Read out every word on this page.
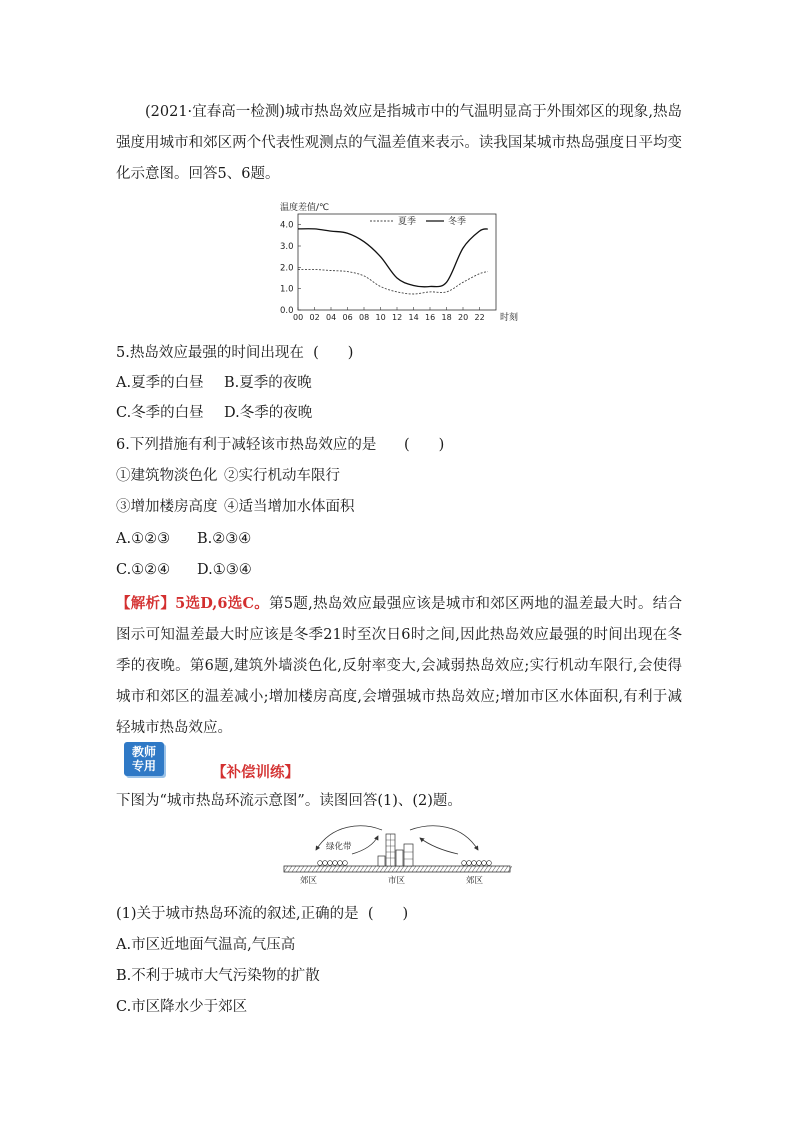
(2021·宜春高一检测)城市热岛效应是指城市中的气温明显高于外围郊区的现象,热岛强度用城市和郊区两个代表性观测点的气温差值来表示。读我国某城市热岛强度日平均变化示意图。回答5、6题。
温度差值/℃
4.0
3.0
2.0
1.0
0.0
00 02 04 06 08 10 12 14 16 18 20 22 时刻
夏季	冬季
5.热岛效应最强的时间出现在 (　　)
A.夏季的白昼 B.夏季的夜晚
C.冬季的白昼 D.冬季的夜晚
6.下列措施有利于减轻该市热岛效应的是 (　　)
①建筑物淡色化 ②实行机动车限行
③增加楼房高度 ④适当增加水体面积
A.①②③ B.②③④
C.①②④ D.①③④
【解析】5选D,6选C。第5题,热岛效应最强应该是城市和郊区两地的温差最大时。结合图示可知温差最大时应该是冬季21时至次日6时之间,因此热岛效应最强的时间出现在冬季的夜晚。第6题,建筑外墙淡色化,反射率变大,会减弱热岛效应;实行机动车限行,会使得城市和郊区的温差减小;增加楼房高度,会增强城市热岛效应;增加市区水体面积,有利于减轻城市热岛效应。
教师
专用	【补偿训练】
下图为“城市热岛环流示意图”。读图回答(1)、(2)题。
绿化带
郊区	市区	郊区
(1)关于城市热岛环流的叙述,正确的是 (　　)
A.市区近地面气温高,气压高
B.不利于城市大气污染物的扩散
C.市区降水少于郊区
